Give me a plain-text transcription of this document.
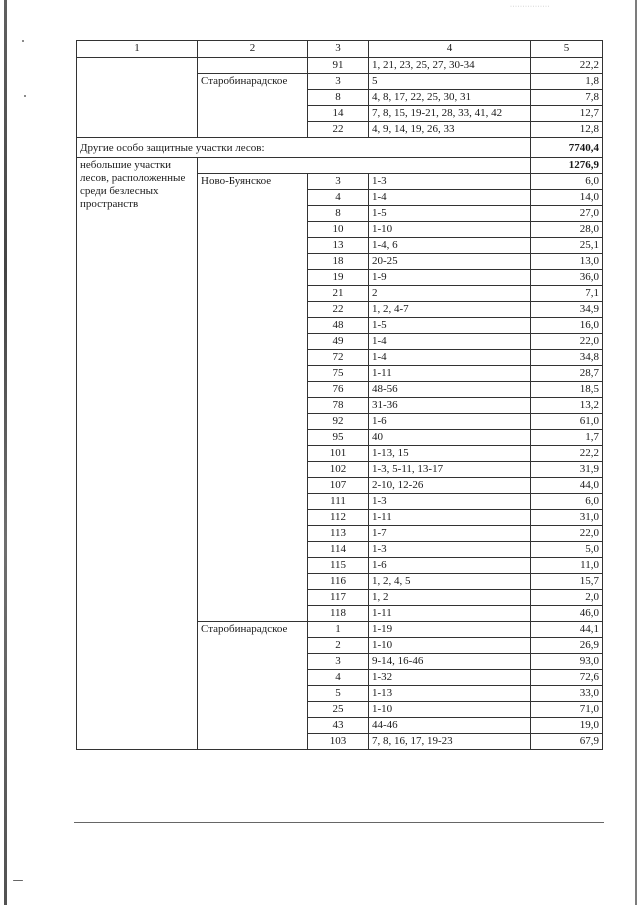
················
1	2	3	4	5
		91	1, 21, 23, 25, 27, 30-34	22,2
	Старобинарадское	3	5	1,8
		8	4, 8, 17, 22, 25, 30, 31	7,8
		14	7, 8, 15, 19-21, 28, 33, 41, 42	12,7
		22	4, 9, 14, 19, 26, 33	12,8
Другие особо защитные участки лесов:				7740,4

небольшие участки лесов, расположенные среди безлесных пространств				1276,9
	Ново-Буянское	3	1-3	6,0
		4	1-4	14,0
		8	1-5	27,0
		10	1-10	28,0
		13	1-4, 6	25,1
		18	20-25	13,0
		19	1-9	36,0
		21	2	7,1
		22	1, 2, 4-7	34,9
		48	1-5	16,0
		49	1-4	22,0
		72	1-4	34,8
		75	1-11	28,7
		76	48-56	18,5
		78	31-36	13,2
		92	1-6	61,0
		95	40	1,7
		101	1-13, 15	22,2
		102	1-3, 5-11, 13-17	31,9
		107	2-10, 12-26	44,0
		111	1-3	6,0
		112	1-11	31,0
		113	1-7	22,0
		114	1-3	5,0
		115	1-6	11,0
		116	1, 2, 4, 5	15,7
		117	1, 2	2,0
		118	1-11	46,0
	Старобинарадское	1	1-19	44,1
		2	1-10	26,9
		3	9-14, 16-46	93,0
		4	1-32	72,6
		5	1-13	33,0
		25	1-10	71,0
		43	44-46	19,0
		103	7, 8, 16, 17, 19-23	67,9
